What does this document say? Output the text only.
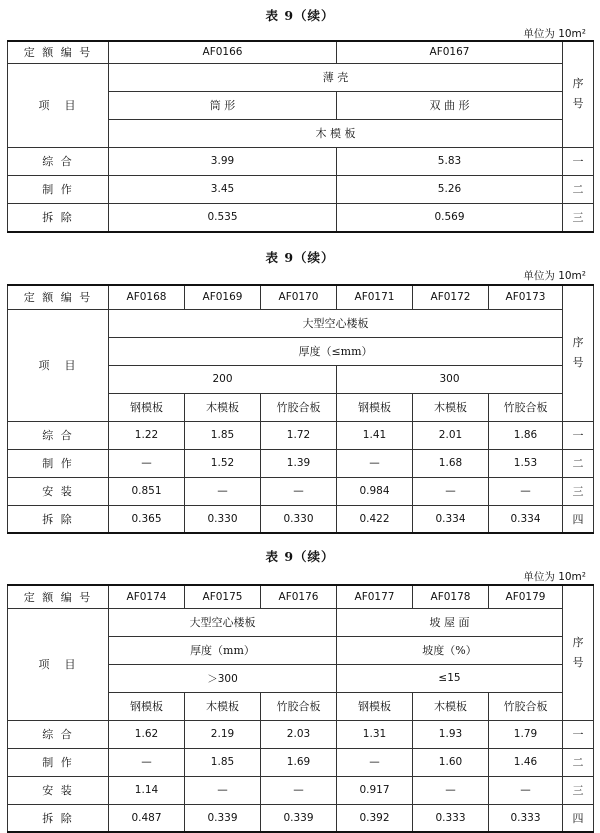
表 9（续）
单位为 10m²
定 额 编 号	AF0166	AF0167	序号
项　目	薄 壳		
	筒 形	双 曲 形	
	木 模 板		
综 合	3.99	5.83	一
制 作	3.45	5.26	二
拆 除	0.535	0.569	三
表 9（续）
单位为 10m²
定 额 编 号	AF0168	AF0169	AF0170	AF0171	AF0172	AF0173	序号
项　目	大型空心楼板						
	厚度（≤mm）						
	200			300			
	钢模板	木模板	竹胶合板	钢模板	木模板	竹胶合板	
综 合	1.22	1.85	1.72	1.41	2.01	1.86	一
制 作	—	1.52	1.39	—	1.68	1.53	二
安 装	0.851	—	—	0.984	—	—	三
拆 除	0.365	0.330	0.330	0.422	0.334	0.334	四
表 9（续）
单位为 10m²
定 额 编 号	AF0174	AF0175	AF0176	AF0177	AF0178	AF0179	序号
项　目	大型空心楼板			坡 屋 面			
	厚度（mm）			坡度（%）			
	＞300			≤15			
	钢模板	木模板	竹胶合板	钢模板	木模板	竹胶合板	
综 合	1.62	2.19	2.03	1.31	1.93	1.79	一
制 作	—	1.85	1.69	—	1.60	1.46	二
安 装	1.14	—	—	0.917	—	—	三
拆 除	0.487	0.339	0.339	0.392	0.333	0.333	四
